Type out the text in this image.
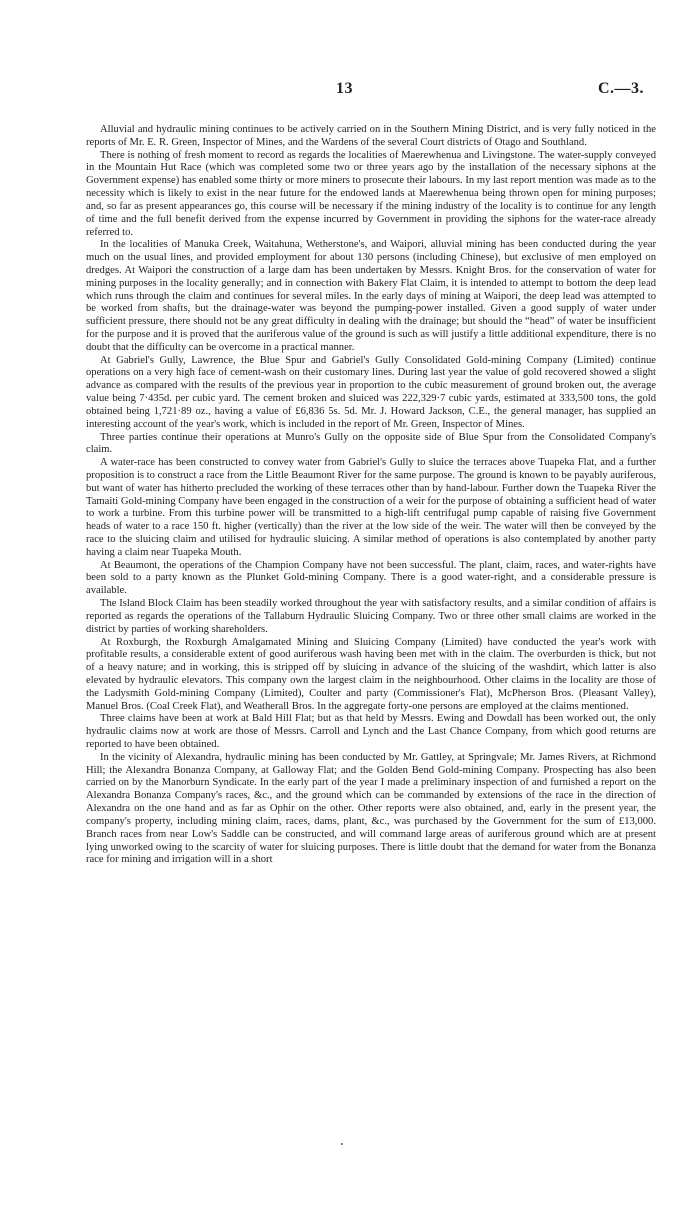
13	C.—3.

Alluvial and hydraulic mining continues to be actively carried on in the Southern Mining District, and is very fully noticed in the reports of Mr. E. R. Green, Inspector of Mines, and the Wardens of the several Court districts of Otago and Southland.

There is nothing of fresh moment to record as regards the localities of Maerewhenua and Livingstone. The water-supply conveyed in the Mountain Hut Race (which was completed some two or three years ago by the installation of the necessary siphons at the Government expense) has enabled some thirty or more miners to prosecute their labours. In my last report mention was made as to the necessity which is likely to exist in the near future for the endowed lands at Maerewhenua being thrown open for mining purposes; and, so far as present appearances go, this course will be necessary if the mining industry of the locality is to continue for any length of time and the full benefit derived from the expense incurred by Government in providing the siphons for the water-race already referred to.

In the localities of Manuka Creek, Waitahuna, Wetherstone's, and Waipori, alluvial mining has been conducted during the year much on the usual lines, and provided employment for about 130 persons (including Chinese), but exclusive of men employed on dredges. At Waipori the construction of a large dam has been undertaken by Messrs. Knight Bros. for the conservation of water for mining purposes in the locality generally; and in connection with Bakery Flat Claim, it is intended to attempt to bottom the deep lead which runs through the claim and continues for several miles. In the early days of mining at Waipori, the deep lead was attempted to be worked from shafts, but the drainage-water was beyond the pumping-power installed. Given a good supply of water under sufficient pressure, there should not be any great difficulty in dealing with the drainage; but should the “head” of water be insufficient for the purpose and it is proved that the auriferous value of the ground is such as will justify a little additional expenditure, there is no doubt that the difficulty can be overcome in a practical manner.

At Gabriel's Gully, Lawrence, the Blue Spur and Gabriel's Gully Consolidated Gold-mining Company (Limited) continue operations on a very high face of cement-wash on their customary lines. During last year the value of gold recovered showed a slight advance as compared with the results of the previous year in proportion to the cubic measurement of ground broken out, the average value being 7·435d. per cubic yard. The cement broken and sluiced was 222,329·7 cubic yards, estimated at 333,500 tons, the gold obtained being 1,721·89 oz., having a value of £6,836 5s. 5d. Mr. J. Howard Jackson, C.E., the general manager, has supplied an interesting account of the year's work, which is included in the report of Mr. Green, Inspector of Mines.

Three parties continue their operations at Munro's Gully on the opposite side of Blue Spur from the Consolidated Company's claim.

A water-race has been constructed to convey water from Gabriel's Gully to sluice the terraces above Tuapeka Flat, and a further proposition is to construct a race from the Little Beaumont River for the same purpose. The ground is known to be payably auriferous, but want of water has hitherto precluded the working of these terraces other than by hand-labour. Further down the Tuapeka River the Tamaiti Gold-mining Company have been engaged in the construction of a weir for the purpose of obtaining a sufficient head of water to work a turbine. From this turbine power will be transmitted to a high-lift centrifugal pump capable of raising five Government heads of water to a race 150 ft. higher (vertically) than the river at the low side of the weir. The water will then be conveyed by the race to the sluicing claim and utilised for hydraulic sluicing. A similar method of operations is also contemplated by another party having a claim near Tuapeka Mouth.

At Beaumont, the operations of the Champion Company have not been successful. The plant, claim, races, and water-rights have been sold to a party known as the Plunket Gold-mining Company. There is a good water-right, and a considerable pressure is available.

The Island Block Claim has been steadily worked throughout the year with satisfactory results, and a similar condition of affairs is reported as regards the operations of the Tallaburn Hydraulic Sluicing Company. Two or three other small claims are worked in the district by parties of working shareholders.

At Roxburgh, the Roxburgh Amalgamated Mining and Sluicing Company (Limited) have conducted the year's work with profitable results, a considerable extent of good auriferous wash having been met with in the claim. The overburden is thick, but not of a heavy nature; and in working, this is stripped off by sluicing in advance of the sluicing of the washdirt, which latter is also elevated by hydraulic elevators. This company own the largest claim in the neighbourhood. Other claims in the locality are those of the Ladysmith Gold-mining Company (Limited), Coulter and party (Commissioner's Flat), McPherson Bros. (Pleasant Valley), Manuel Bros. (Coal Creek Flat), and Weatherall Bros. In the aggregate forty-one persons are employed at the claims mentioned.

Three claims have been at work at Bald Hill Flat; but as that held by Messrs. Ewing and Dowdall has been worked out, the only hydraulic claims now at work are those of Messrs. Carroll and Lynch and the Last Chance Company, from which good returns are reported to have been obtained.

In the vicinity of Alexandra, hydraulic mining has been conducted by Mr. Gattley, at Springvale; Mr. James Rivers, at Richmond Hill; the Alexandra Bonanza Company, at Galloway Flat; and the Golden Bend Gold-mining Company. Prospecting has also been carried on by the Manorburn Syndicate. In the early part of the year I made a preliminary inspection of and furnished a report on the Alexandra Bonanza Company's races, &c., and the ground which can be commanded by extensions of the race in the direction of Alexandra on the one hand and as far as Ophir on the other. Other reports were also obtained, and, early in the present year, the company's property, including mining claim, races, dams, plant, &c., was purchased by the Government for the sum of £13,000. Branch races from near Low's Saddle can be constructed, and will command large areas of auriferous ground which are at present lying unworked owing to the scarcity of water for sluicing purposes. There is little doubt that the demand for water from the Bonanza race for mining and irrigation will in a short
